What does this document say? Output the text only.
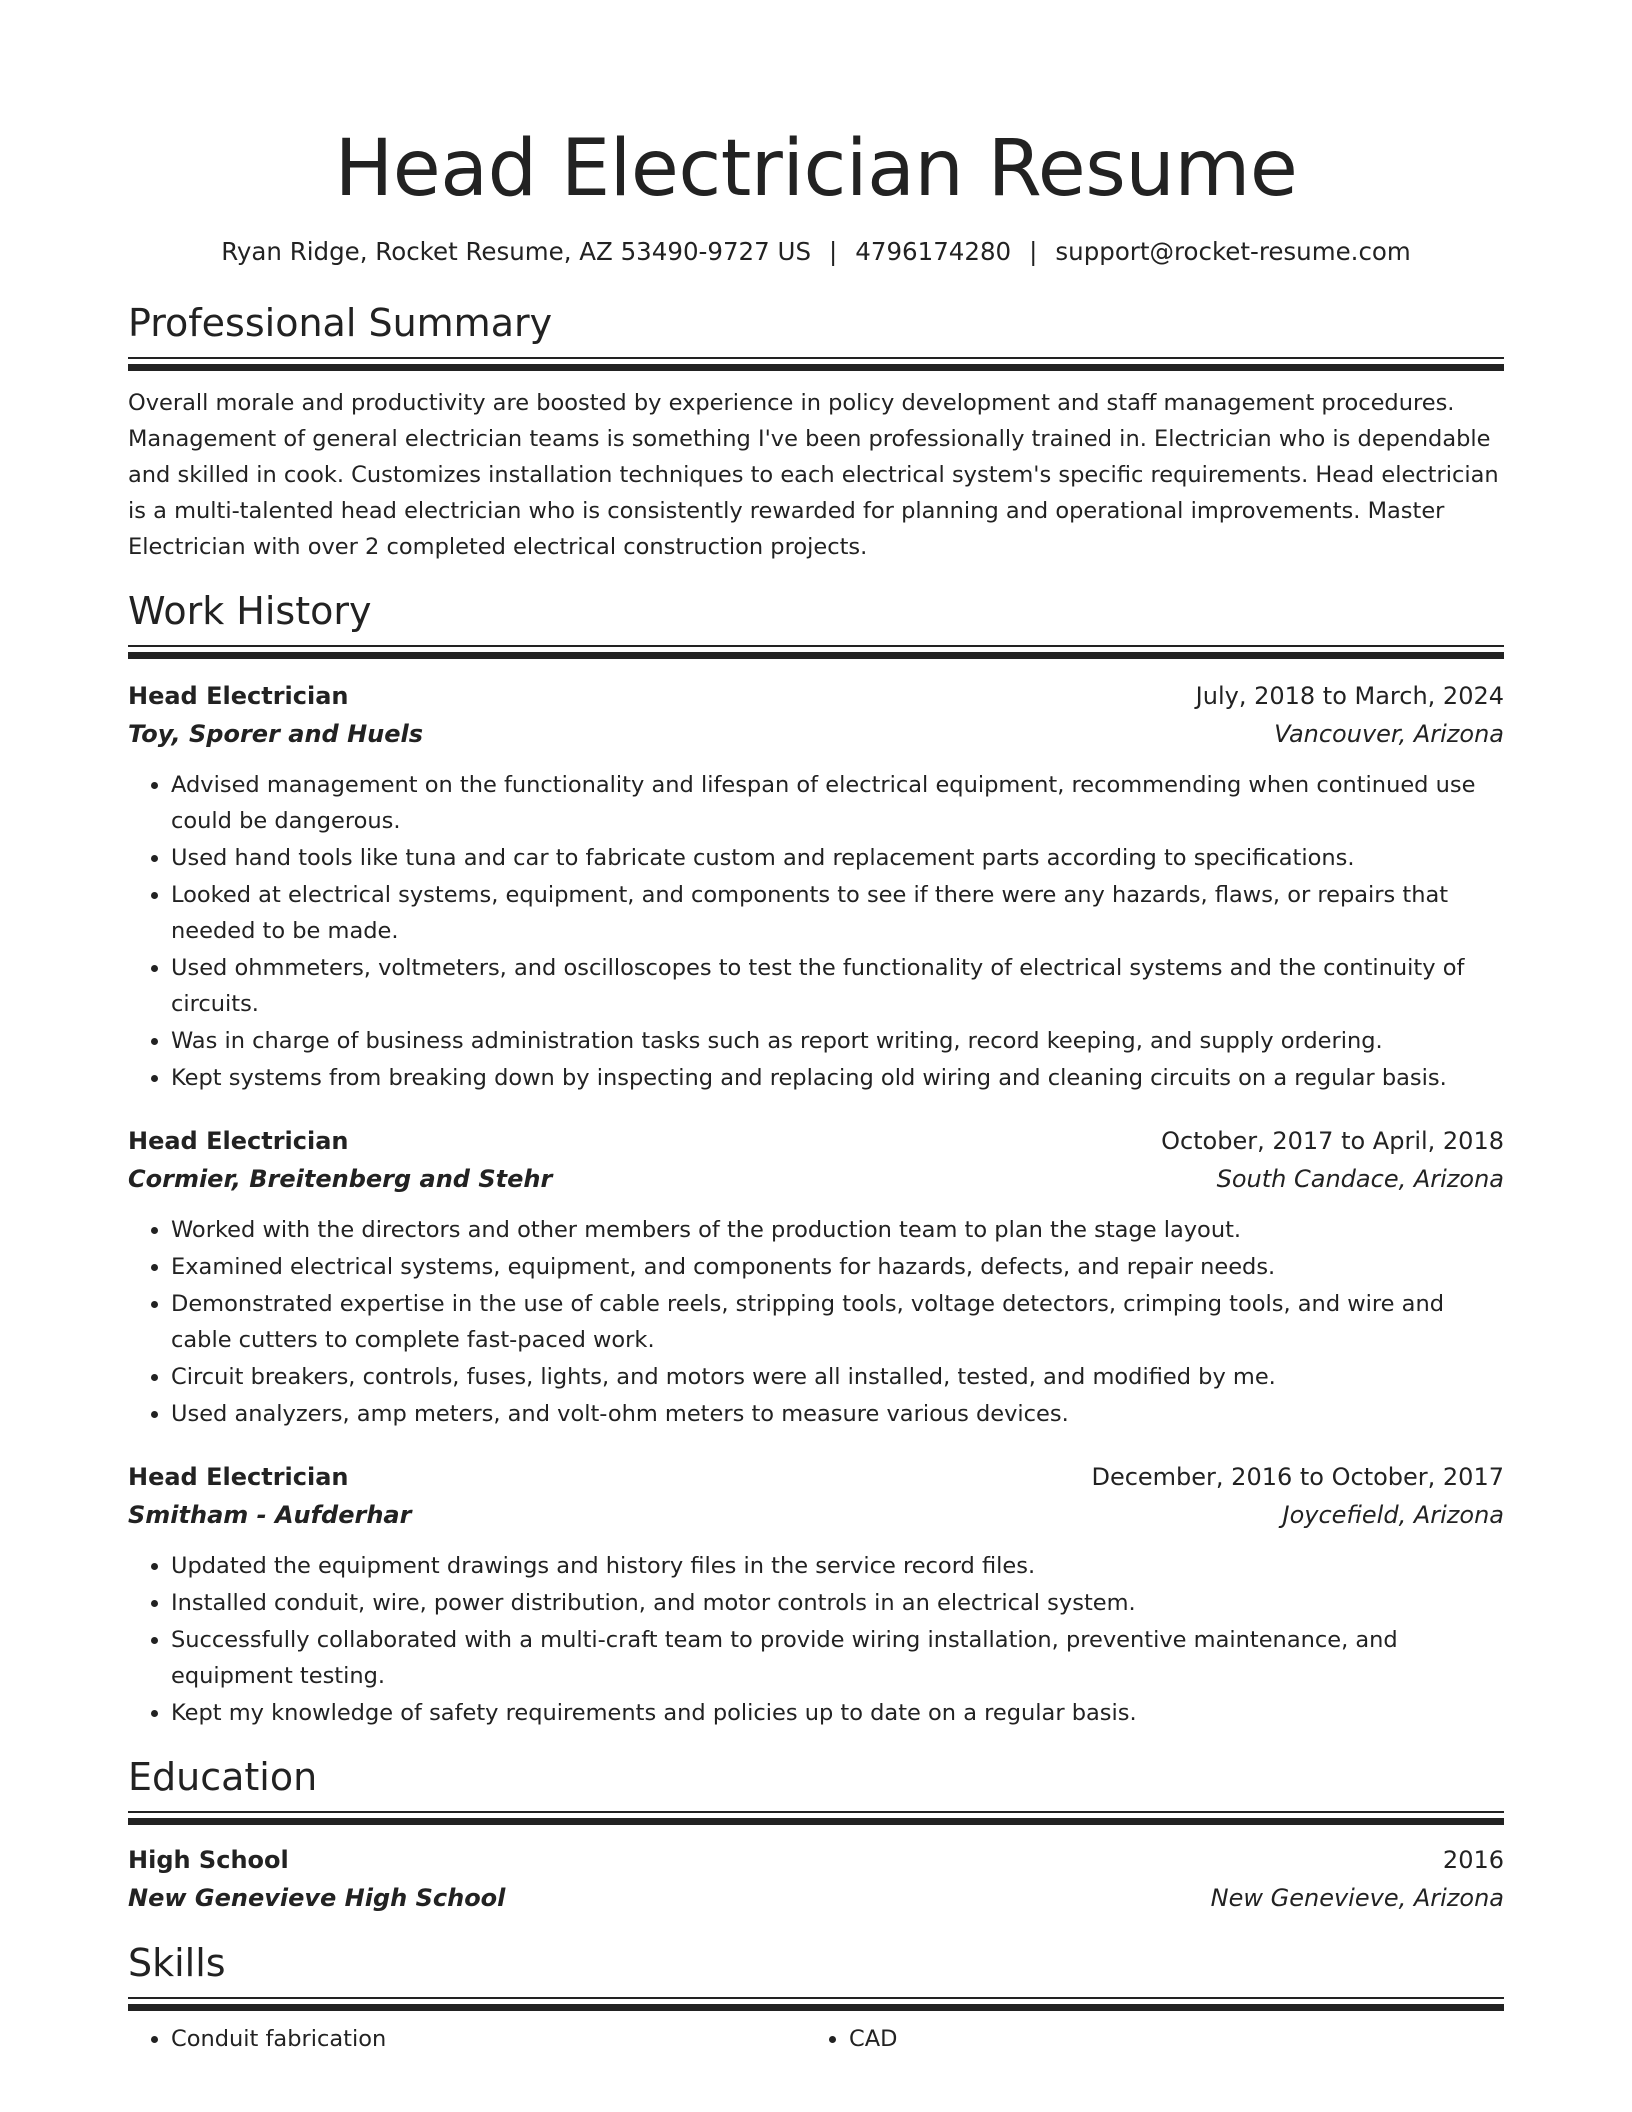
Head Electrician Resume
Ryan Ridge, Rocket Resume, AZ 53490-9727 US | 4796174280 | support@rocket-resume.com
Professional Summary

Overall morale and productivity are boosted by experience in policy development and staff management procedures. Management of general electrician teams is something I've been professionally trained in. Electrician who is dependable and skilled in cook. Customizes installation techniques to each electrical system's specific requirements. Head electrician is a multi-talented head electrician who is consistently rewarded for planning and operational improvements. Master Electrician with over 2 completed electrical construction projects.

Work History
Head Electrician	July, 2018 to March, 2024
Toy, Sporer and Huels	Vancouver, Arizona
• Advised management on the functionality and lifespan of electrical equipment, recommending when continued use could be dangerous.
• Used hand tools like tuna and car to fabricate custom and replacement parts according to specifications.
• Looked at electrical systems, equipment, and components to see if there were any hazards, flaws, or repairs that needed to be made.
• Used ohmmeters, voltmeters, and oscilloscopes to test the functionality of electrical systems and the continuity of circuits.
• Was in charge of business administration tasks such as report writing, record keeping, and supply ordering.
• Kept systems from breaking down by inspecting and replacing old wiring and cleaning circuits on a regular basis.
Head Electrician	October, 2017 to April, 2018
Cormier, Breitenberg and Stehr	South Candace, Arizona
• Worked with the directors and other members of the production team to plan the stage layout.
• Examined electrical systems, equipment, and components for hazards, defects, and repair needs.
• Demonstrated expertise in the use of cable reels, stripping tools, voltage detectors, crimping tools, and wire and cable cutters to complete fast-paced work.
• Circuit breakers, controls, fuses, lights, and motors were all installed, tested, and modified by me.
• Used analyzers, amp meters, and volt-ohm meters to measure various devices.
Head Electrician	December, 2016 to October, 2017
Smitham - Aufderhar	Joycefield, Arizona
• Updated the equipment drawings and history files in the service record files.
• Installed conduit, wire, power distribution, and motor controls in an electrical system.
• Successfully collaborated with a multi-craft team to provide wiring installation, preventive maintenance, and equipment testing.
• Kept my knowledge of safety requirements and policies up to date on a regular basis.
Education
High School	2016
New Genevieve High School	New Genevieve, Arizona
Skills
• Conduit fabrication
•	CAD
